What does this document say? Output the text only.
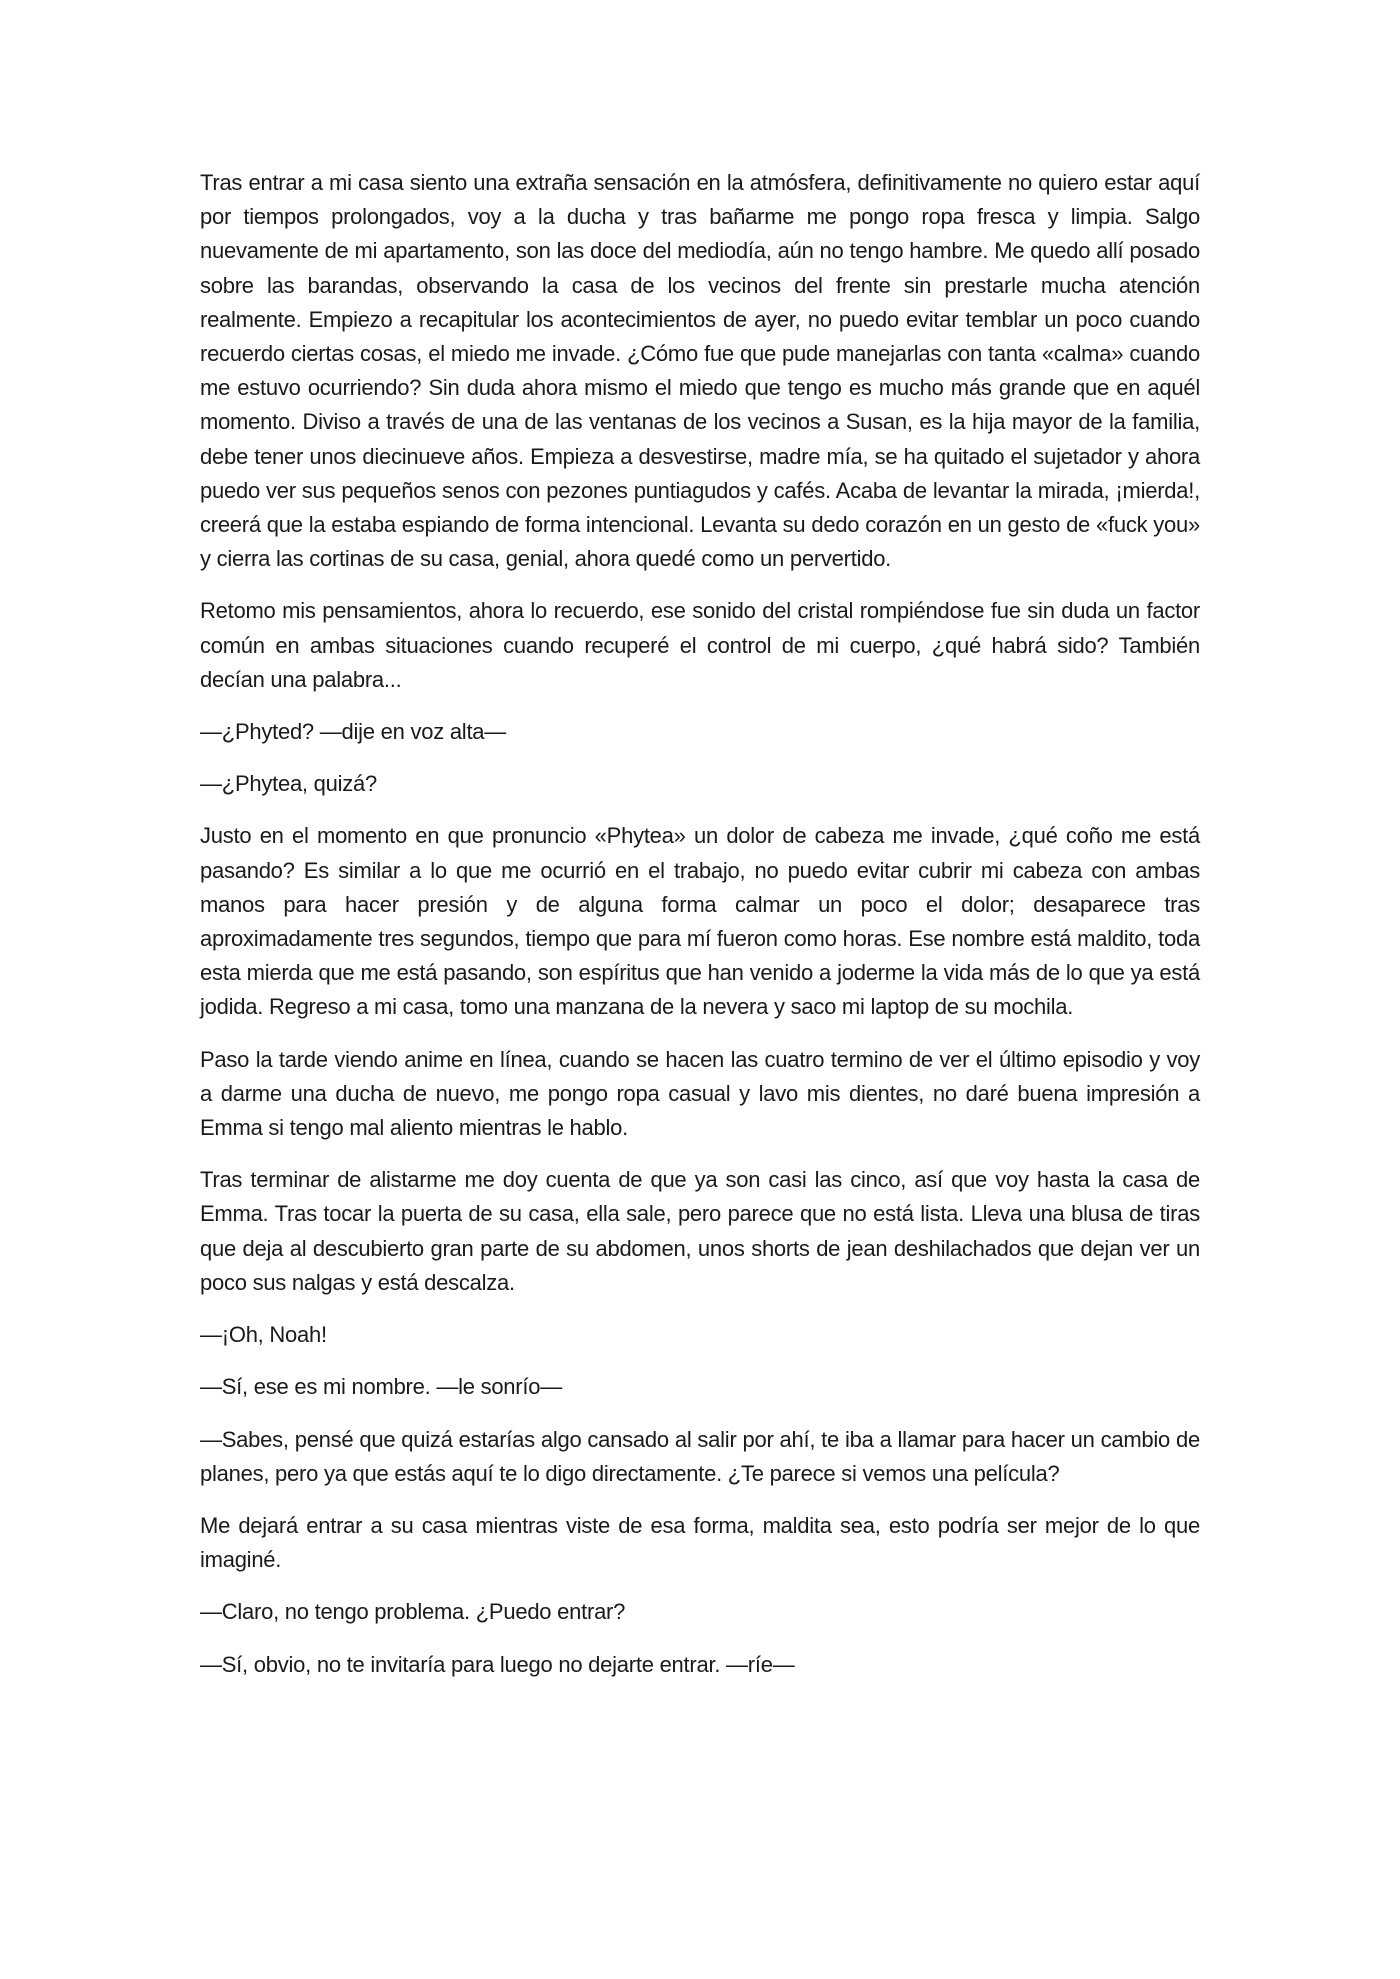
Tras entrar a mi casa siento una extraña sensación en la atmósfera, definitivamente no quiero estar aquí por tiempos prolongados, voy a la ducha y tras bañarme me pongo ropa fresca y limpia. Salgo nuevamente de mi apartamento, son las doce del mediodía, aún no tengo hambre. Me quedo allí posado sobre las barandas, observando la casa de los vecinos del frente sin prestarle mucha atención realmente. Empiezo a recapitular los acontecimientos de ayer, no puedo evitar temblar un poco cuando recuerdo ciertas cosas, el miedo me invade. ¿Cómo fue que pude manejarlas con tanta «calma» cuando me estuvo ocurriendo? Sin duda ahora mismo el miedo que tengo es mucho más grande que en aquél momento. Diviso a través de una de las ventanas de los vecinos a Susan, es la hija mayor de la familia, debe tener unos diecinueve años. Empieza a desvestirse, madre mía, se ha quitado el sujetador y ahora puedo ver sus pequeños senos con pezones puntiagudos y cafés. Acaba de levantar la mirada, ¡mierda!, creerá que la estaba espiando de forma intencional. Levanta su dedo corazón en un gesto de «fuck you» y cierra las cortinas de su casa, genial, ahora quedé como un pervertido.

Retomo mis pensamientos, ahora lo recuerdo, ese sonido del cristal rompiéndose fue sin duda un factor común en ambas situaciones cuando recuperé el control de mi cuerpo, ¿qué habrá sido? También decían una palabra...

—¿Phyted? —dije en voz alta—

—¿Phytea, quizá?

Justo en el momento en que pronuncio «Phytea» un dolor de cabeza me invade, ¿qué coño me está pasando? Es similar a lo que me ocurrió en el trabajo, no puedo evitar cubrir mi cabeza con ambas manos para hacer presión y de alguna forma calmar un poco el dolor; desaparece tras aproximadamente tres segundos, tiempo que para mí fueron como horas. Ese nombre está maldito, toda esta mierda que me está pasando, son espíritus que han venido a joderme la vida más de lo que ya está jodida. Regreso a mi casa, tomo una manzana de la nevera y saco mi laptop de su mochila.

Paso la tarde viendo anime en línea, cuando se hacen las cuatro termino de ver el último episodio y voy a darme una ducha de nuevo, me pongo ropa casual y lavo mis dientes, no daré buena impresión a Emma si tengo mal aliento mientras le hablo.

Tras terminar de alistarme me doy cuenta de que ya son casi las cinco, así que voy hasta la casa de Emma. Tras tocar la puerta de su casa, ella sale, pero parece que no está lista. Lleva una blusa de tiras que deja al descubierto gran parte de su abdomen, unos shorts de jean deshilachados que dejan ver un poco sus nalgas y está descalza.

—¡Oh, Noah!

—Sí, ese es mi nombre. —le sonrío—

—Sabes, pensé que quizá estarías algo cansado al salir por ahí, te iba a llamar para hacer un cambio de planes, pero ya que estás aquí te lo digo directamente. ¿Te parece si vemos una película?

Me dejará entrar a su casa mientras viste de esa forma, maldita sea, esto podría ser mejor de lo que imaginé.

—Claro, no tengo problema. ¿Puedo entrar?

—Sí, obvio, no te invitaría para luego no dejarte entrar. —ríe—
